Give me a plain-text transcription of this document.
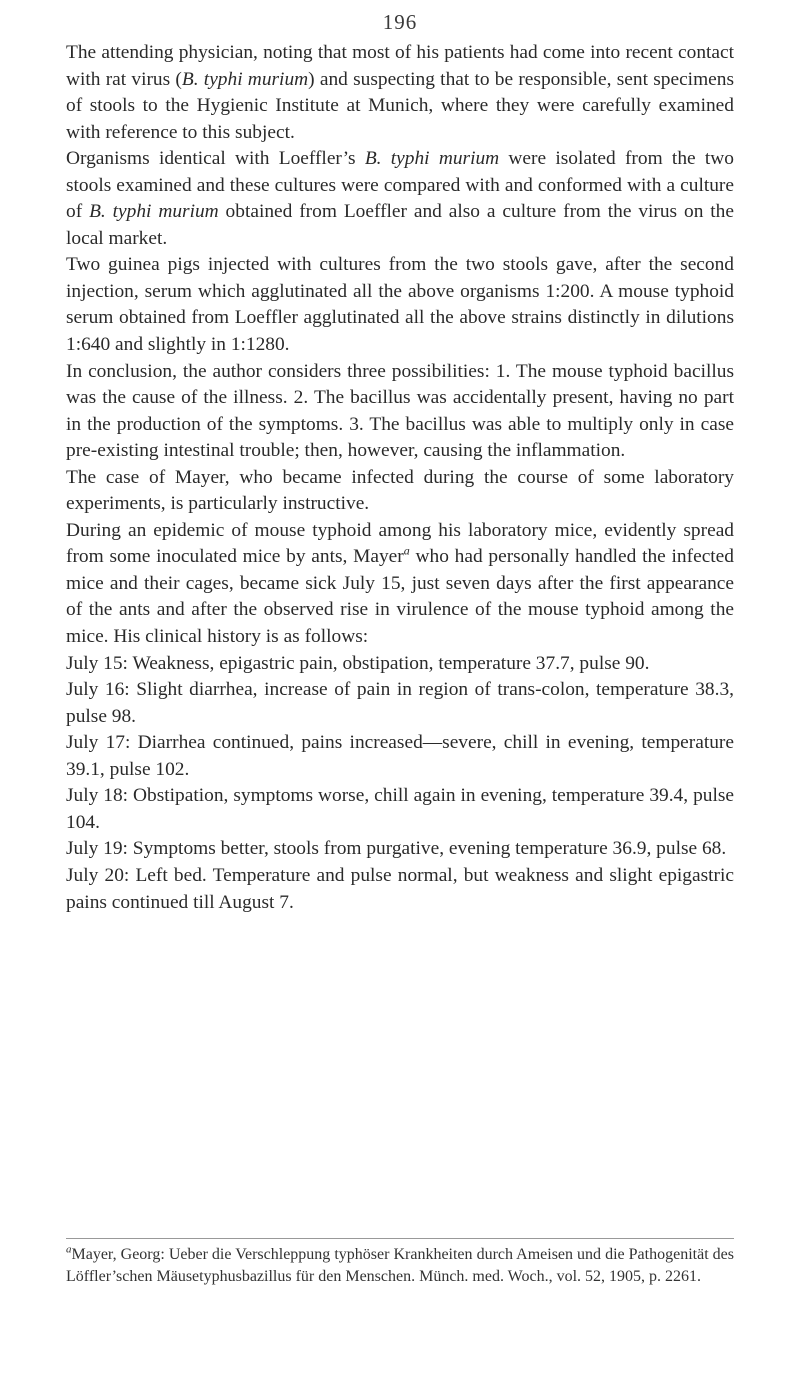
196

The attending physician, noting that most of his patients had come into recent contact with rat virus (B. typhi murium) and suspecting that to be responsible, sent specimens of stools to the Hygienic Institute at Munich, where they were carefully examined with reference to this subject.

Organisms identical with Loeffler’s B. typhi murium were isolated from the two stools examined and these cultures were compared with and conformed with a culture of B. typhi murium obtained from Loeffler and also a culture from the virus on the local market.

Two guinea pigs injected with cultures from the two stools gave, after the second injection, serum which agglutinated all the above organisms 1:200. A mouse typhoid serum obtained from Loeffler agglutinated all the above strains distinctly in dilutions 1:640 and slightly in 1:1280.

In conclusion, the author considers three possibilities: 1. The mouse typhoid bacillus was the cause of the illness. 2. The bacillus was accidentally present, having no part in the production of the symptoms. 3. The bacillus was able to multiply only in case pre-existing intestinal trouble; then, however, causing the inflammation.

The case of Mayer, who became infected during the course of some laboratory experiments, is particularly instructive.

During an epidemic of mouse typhoid among his laboratory mice, evidently spread from some inoculated mice by ants, Mayer$^a$ who had personally handled the infected mice and their cages, became sick July 15, just seven days after the first appearance of the ants and after the observed rise in virulence of the mouse typhoid among the mice. His clinical history is as follows:

July 15: Weakness, epigastric pain, obstipation, temperature 37.7, pulse 90.

July 16: Slight diarrhea, increase of pain in region of trans-colon, temperature 38.3, pulse 98.

July 17: Diarrhea continued, pains increased—severe, chill in evening, temperature 39.1, pulse 102.

July 18: Obstipation, symptoms worse, chill again in evening, temperature 39.4, pulse 104.

July 19: Symptoms better, stools from purgative, evening temperature 36.9, pulse 68.

July 20: Left bed. Temperature and pulse normal, but weakness and slight epigastric pains continued till August 7.

$^a$Mayer, Georg: Ueber die Verschleppung typhöser Krankheiten durch Ameisen und die Pathogenität des Löffler’schen Mäusetyphusbazillus für den Menschen. Münch. med. Woch., vol. 52, 1905, p. 2261.
